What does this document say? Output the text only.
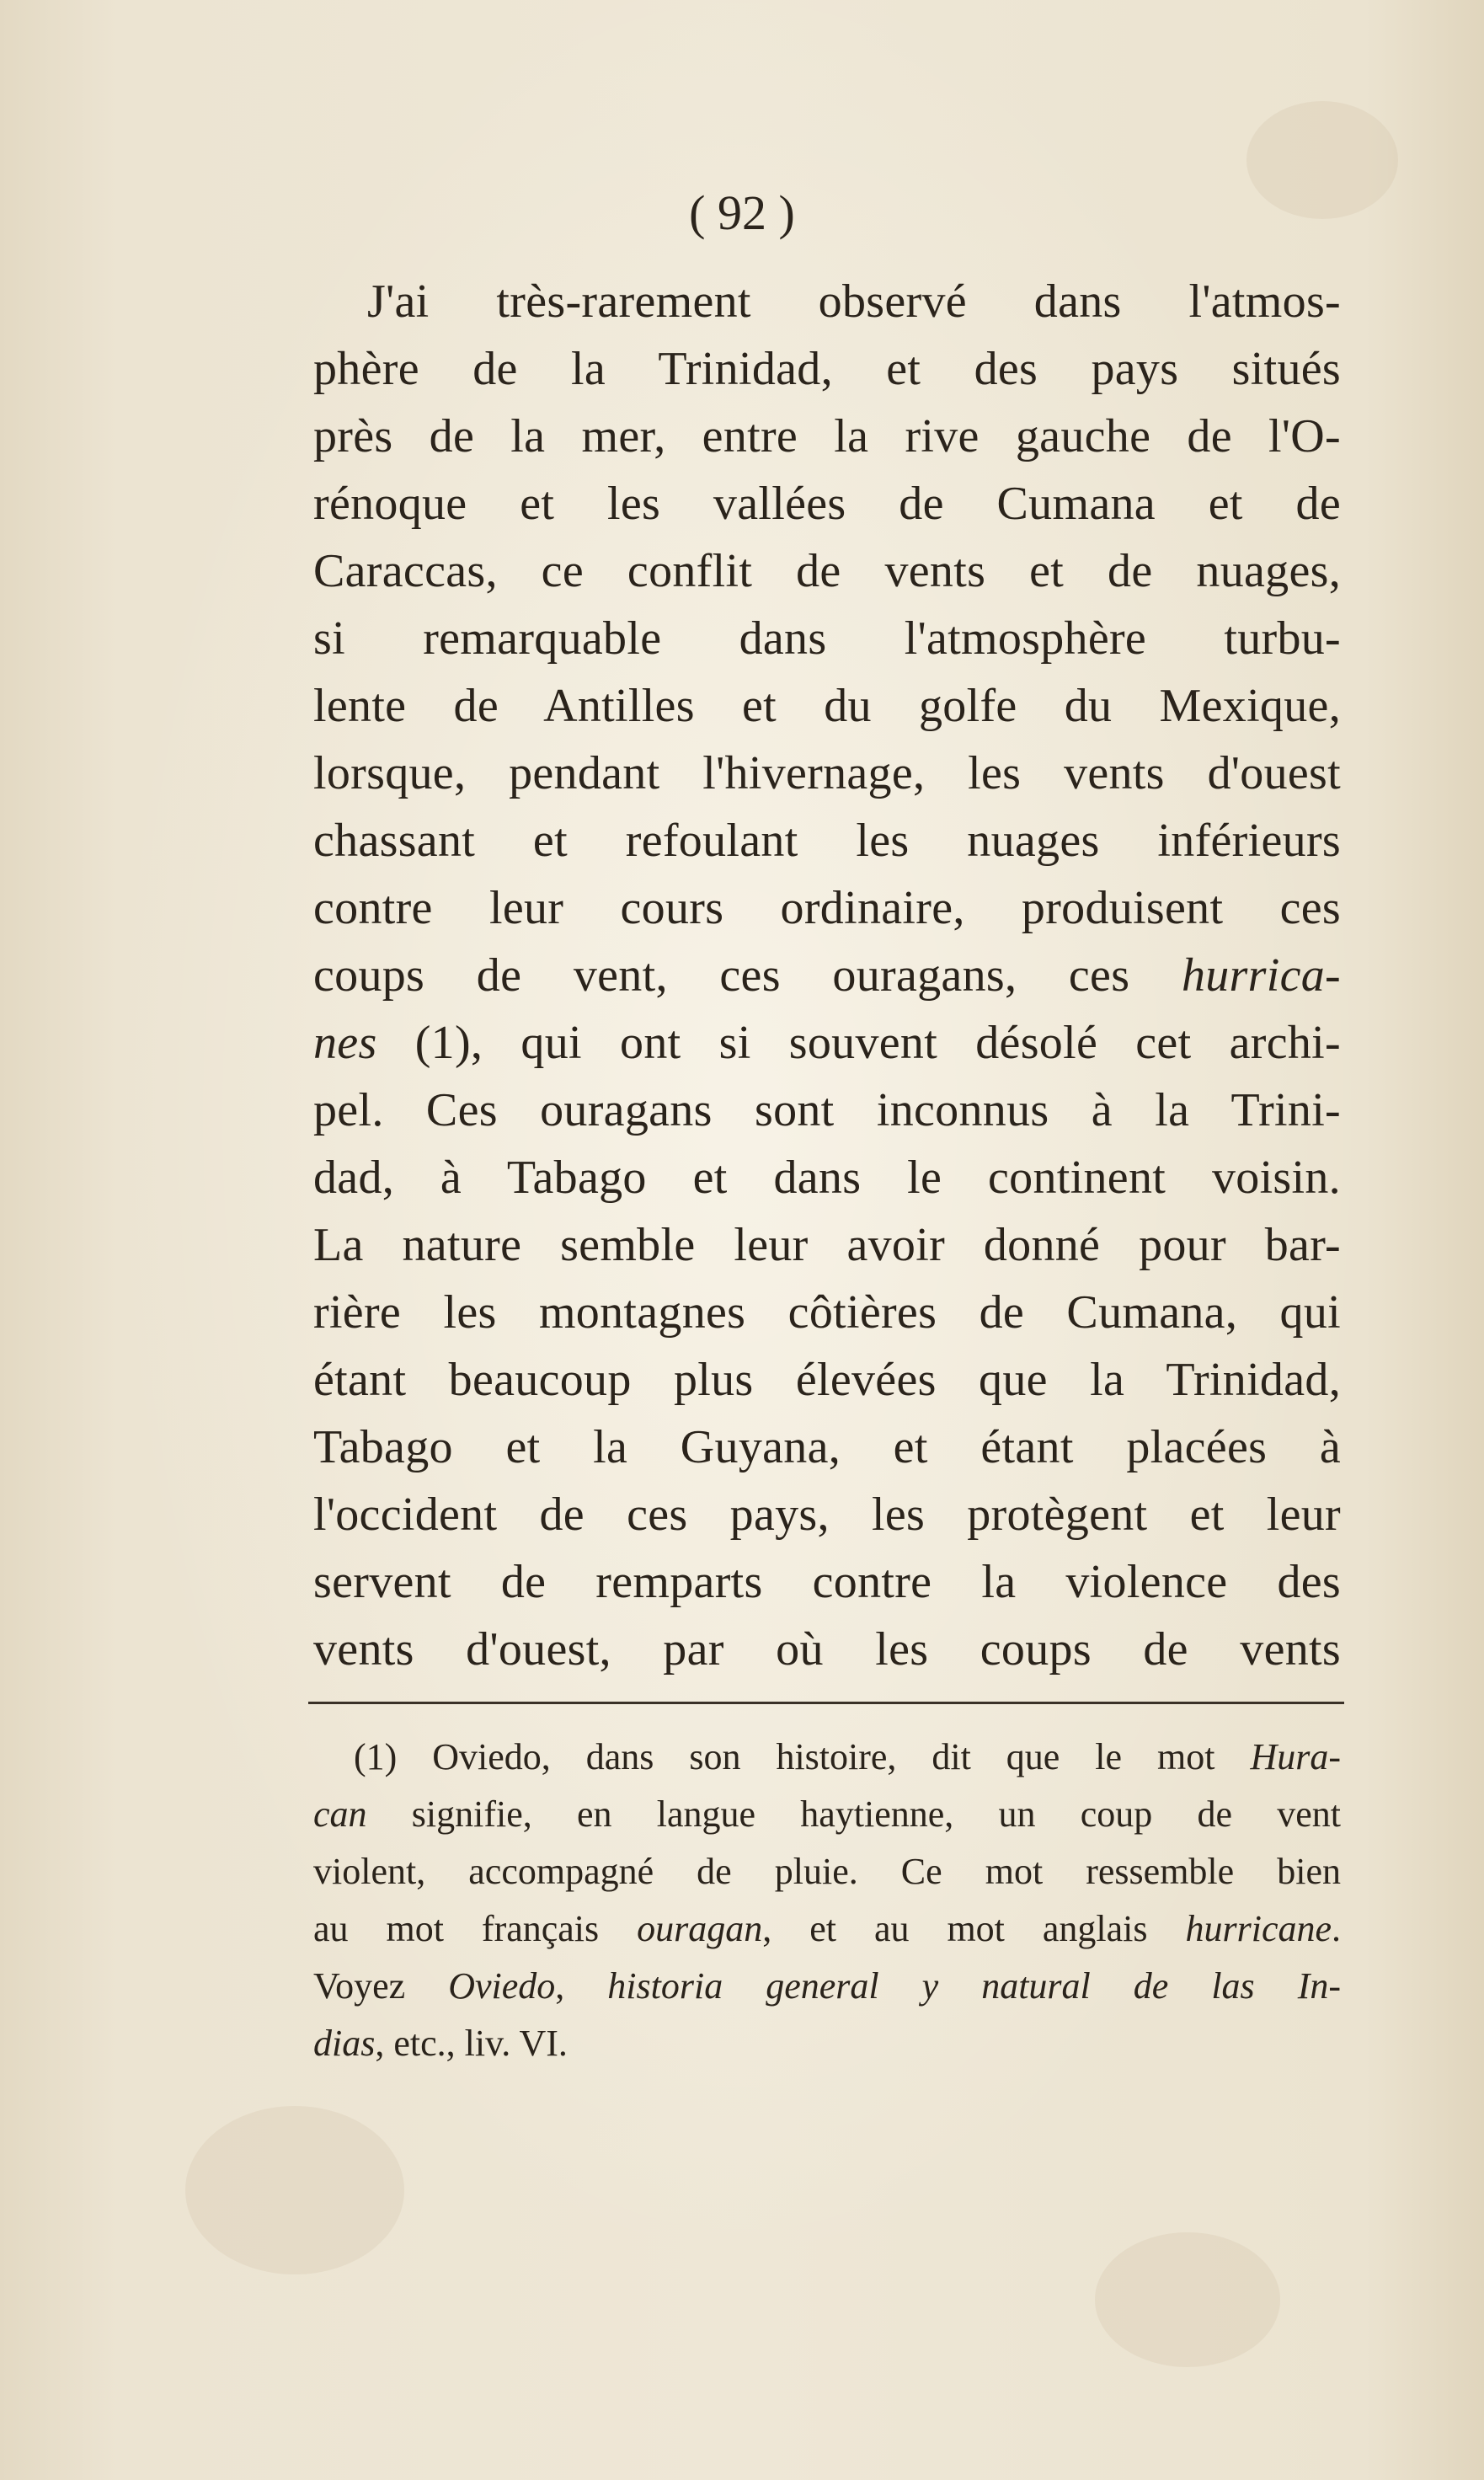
( 92 )
J'ai très-rarement observé dans l'atmos-
phère de la Trinidad, et des pays situés
près de la mer, entre la rive gauche de l'O-
rénoque et les vallées de Cumana et de
Caraccas, ce conflit de vents et de nuages,
si remarquable dans l'atmosphère turbu-
lente de Antilles et du golfe du Mexique,
lorsque, pendant l'hivernage, les vents d'ouest
chassant et refoulant les nuages inférieurs
contre leur cours ordinaire, produisent ces
coups de vent, ces ouragans, ces hurrica-
nes (1), qui ont si souvent désolé cet archi-
pel. Ces ouragans sont inconnus à la Trini-
dad, à Tabago et dans le continent voisin.
La nature semble leur avoir donné pour bar-
rière les montagnes côtières de Cumana, qui
étant beaucoup plus élevées que la Trinidad,
Tabago et la Guyana, et étant placées à
l'occident de ces pays, les protègent et leur
servent de remparts contre la violence des
vents d'ouest, par où les coups de vents
(1) Oviedo, dans son histoire, dit que le mot Hura-
can signifie, en langue haytienne, un coup de vent
violent, accompagné de pluie. Ce mot ressemble bien
au mot français ouragan, et au mot anglais hurricane.
Voyez Oviedo, historia general y natural de las In-
dias, etc., liv. VI.
